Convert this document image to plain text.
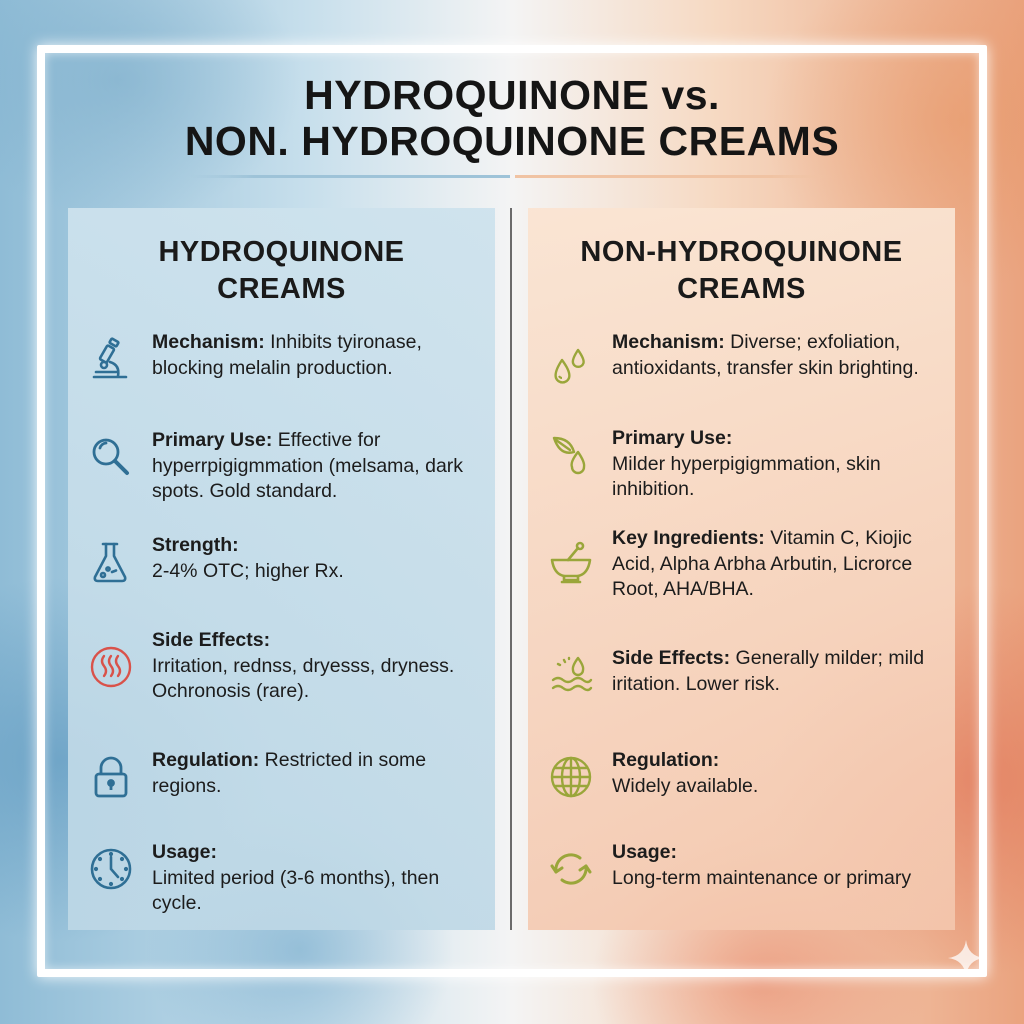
HYDROQUINONE vs.
NON. HYDROQUINONE CREAMS
HYDROQUINONE
CREAMS
Mechanism: Inhibits tyironase, blocking melalin production.
Primary Use: Effective for hyperrpigigmmation (melsama, dark spots. Gold standard.
Strength:
2-4% OTC; higher Rx.
Side Effects:
Irritation, rednss, dryesss, dryness. Ochronosis (rare).
Regulation: Restricted in some regions.
Usage:
Limited period (3-6 months), then cycle.
NON-HYDROQUINONE
CREAMS
Mechanism: Diverse; exfoliation, antioxidants, transfer skin brighting.
Primary Use:
Milder hyperpigigmmation, skin inhibition.
Key Ingredients: Vitamin C, Kiojic Acid, Alpha Arbha Arbutin, Licrorce Root, AHA/BHA.
Side Effects: Generally milder; mild iritation. Lower risk.
Regulation:
Widely available.
Usage:
Long-term maintenance or primary
